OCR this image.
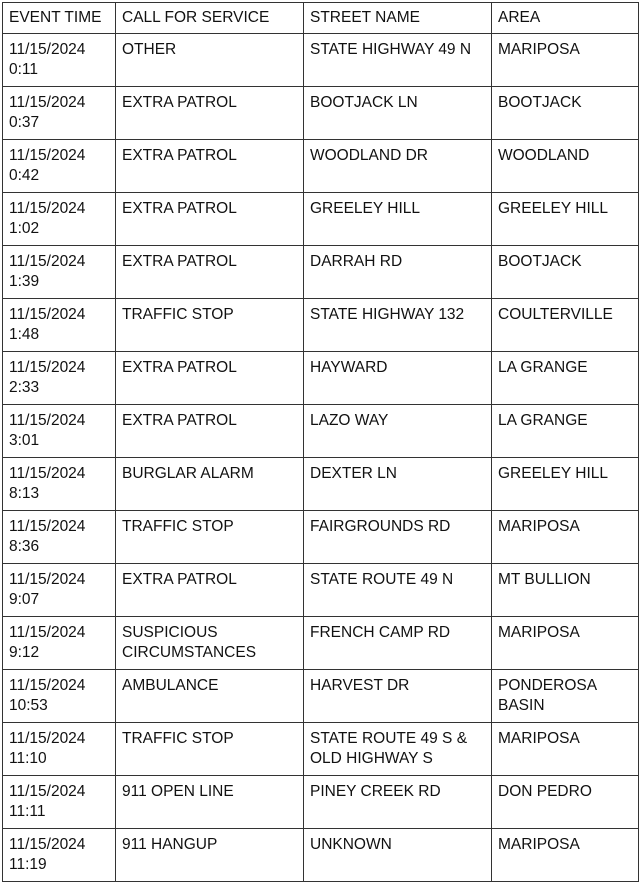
EVENT TIME	CALL FOR SERVICE	STREET NAME	AREA

11/15/2024
0:11	OTHER	STATE HIGHWAY 49 N	MARIPOSA

11/15/2024
0:37	EXTRA PATROL	BOOTJACK LN	BOOTJACK

11/15/2024
0:42	EXTRA PATROL	WOODLAND DR	WOODLAND

11/15/2024
1:02	EXTRA PATROL	GREELEY HILL	GREELEY HILL

11/15/2024
1:39	EXTRA PATROL	DARRAH RD	BOOTJACK

11/15/2024
1:48	TRAFFIC STOP	STATE HIGHWAY 132	COULTERVILLE

11/15/2024
2:33	EXTRA PATROL	HAYWARD	LA GRANGE

11/15/2024
3:01	EXTRA PATROL	LAZO WAY	LA GRANGE

11/15/2024
8:13	BURGLAR ALARM	DEXTER LN	GREELEY HILL

11/15/2024
8:36	TRAFFIC STOP	FAIRGROUNDS RD	MARIPOSA

11/15/2024
9:07	EXTRA PATROL	STATE ROUTE 49 N	MT BULLION

11/15/2024
9:12	SUSPICIOUS
CIRCUMSTANCES	FRENCH CAMP RD	MARIPOSA

11/15/2024
10:53	AMBULANCE	HARVEST DR	PONDEROSA
BASIN

11/15/2024
11:10	TRAFFIC STOP	STATE ROUTE 49 S &
OLD HIGHWAY S	MARIPOSA

11/15/2024
11:11	911 OPEN LINE	PINEY CREEK RD	DON PEDRO

11/15/2024
11:19	911 HANGUP	UNKNOWN	MARIPOSA
